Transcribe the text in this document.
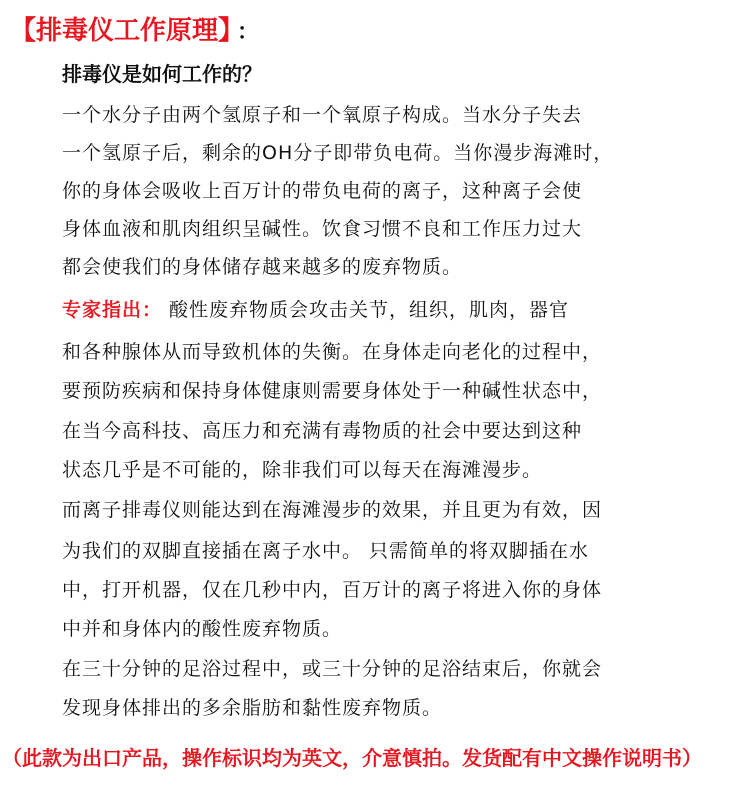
【排毒仪工作原理】 ：
排毒仪是如何工作的？
一个水分子由两个氢原子和一个氧原子构成。当水分子失去
一个氢原子后，剩余的OH分子即带负电荷。当你漫步海滩时，
你的身体会吸收上百万计的带负电荷的离子，这种离子会使
身体血液和肌肉组织呈碱性。饮食习惯不良和工作压力过大
都会使我们的身体储存越来越多的废弃物质。
专家指出： 酸性废弃物质会攻击关节，组织，肌肉，器官
和各种腺体从而导致机体的失衡。在身体走向老化的过程中，
要预防疾病和保持身体健康则需要身体处于一种碱性状态中，
在当今高科技、高压力和充满有毒物质的社会中要达到这种
状态几乎是不可能的，除非我们可以每天在海滩漫步。
而离子排毒仪则能达到在海滩漫步的效果，并且更为有效，因
为我们的双脚直接插在离子水中。 只需简单的将双脚插在水
中，打开机器，仅在几秒中内，百万计的离子将进入你的身体
中并和身体内的酸性废弃物质。
在三十分钟的足浴过程中，或三十分钟的足浴结束后，你就会
发现身体排出的多余脂肪和黏性废弃物质。
（此款为出口产品，操作标识均为英文，介意慎拍。发货配有中文操作说明书）
